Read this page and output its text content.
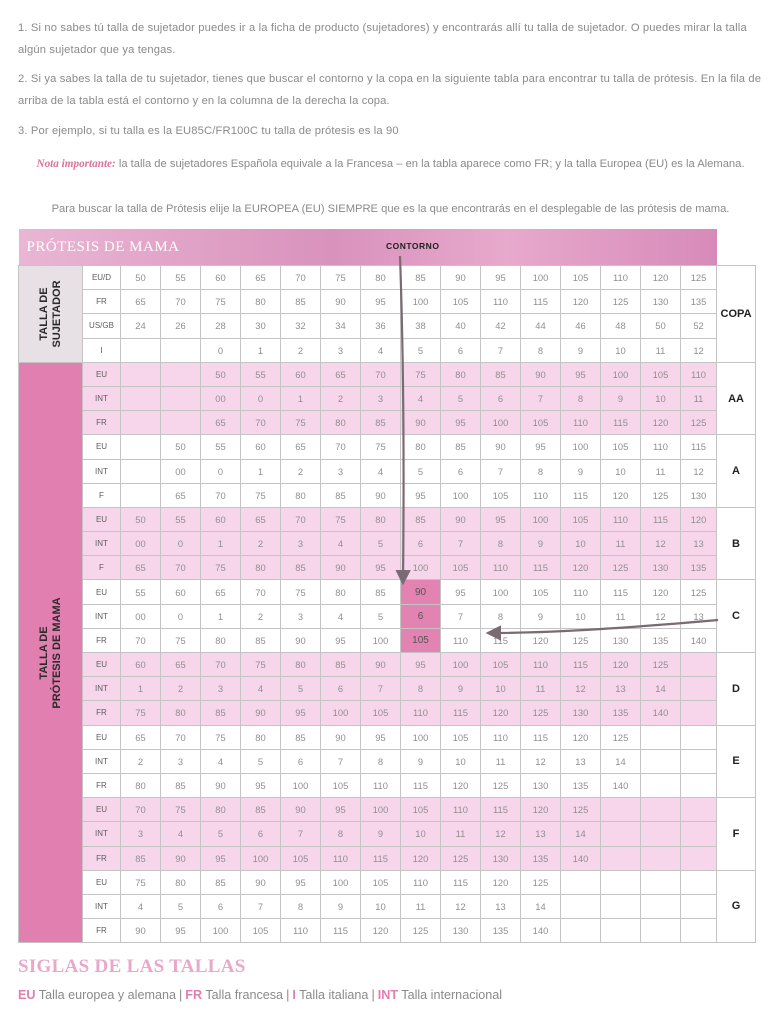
1. Si no sabes tú talla de sujetador puedes ir a la ficha de producto (sujetadores) y encontrarás allí tu talla de sujetador. O puedes mirar la talla algún sujetador que ya tengas.

2. Si ya sabes la talla de tu sujetador, tienes que buscar el contorno y la copa en la siguiente tabla para encontrar tu talla de prótesis. En la fila de arriba de la tabla está el contorno y en la columna de la derecha la copa.

3. Por ejemplo, si tu talla es la EU85C/FR100C tu talla de prótesis es la 90

Nota importante: la talla de sujetadores Española equivale a la Francesa – en la tabla aparece como FR; y la talla Europea (EU) es la Alemana.

Para buscar la talla de Prótesis elije la EUROPEA (EU) SIEMPRE que es la que encontrarás en el desplegable de las prótesis de mama.

PRÓTESIS DE MAMA																	

TALLA DE SUJETADOR	EU/D	50	55	60	65	70	75	80	85	90	95	100	105	110	120	125	COPA
	FR	65	70	75	80	85	90	95	100	105	110	115	120	125	130	135	
	US/GB	24	26	28	30	32	34	36	38	40	42	44	46	48	50	52	
	I			0	1	2	3	4	5	6	7	8	9	10	11	12	

TALLA DE PRÓTESIS DE MAMA	EU			50	55	60	65	70	75	80	85	90	95	100	105	110	AA
	INT			00	0	1	2	3	4	5	6	7	8	9	10	11	
	FR			65	70	75	80	85	90	95	100	105	110	115	120	125	
	EU		50	55	60	65	70	75	80	85	90	95	100	105	110	115	A
	INT		00	0	1	2	3	4	5	6	7	8	9	10	11	12	
	F		65	70	75	80	85	90	95	100	105	110	115	120	125	130	
	EU	50	55	60	65	70	75	80	85	90	95	100	105	110	115	120	B
	INT	00	0	1	2	3	4	5	6	7	8	9	10	11	12	13	
	F	65	70	75	80	85	90	95	100	105	110	115	120	125	130	135	
	EU	55	60	65	70	75	80	85	90	95	100	105	110	115	120	125	C
	INT	00	0	1	2	3	4	5	6	7	8	9	10	11	12	13	
	FR	70	75	80	85	90	95	100	105	110	115	120	125	130	135	140	
	EU	60	65	70	75	80	85	90	95	100	105	110	115	120	125		D
	INT	1	2	3	4	5	6	7	8	9	10	11	12	13	14		
	FR	75	80	85	90	95	100	105	110	115	120	125	130	135	140		
	EU	65	70	75	80	85	90	95	100	105	110	115	120	125			E
	INT	2	3	4	5	6	7	8	9	10	11	12	13	14			
	FR	80	85	90	95	100	105	110	115	120	125	130	135	140			
	EU	70	75	80	85	90	95	100	105	110	115	120	125				F
	INT	3	4	5	6	7	8	9	10	11	12	13	14				
	FR	85	90	95	100	105	110	115	120	125	130	135	140				
	EU	75	80	85	90	95	100	105	110	115	120	125					G
	INT	4	5	6	7	8	9	10	11	12	13	14					
	FR	90	95	100	105	110	115	120	125	130	135	140					
CONTORNO
SIGLAS DE LAS TALLAS

EU Talla europea y alemana | FR Talla francesa | I Talla italiana | INT Talla internacional
